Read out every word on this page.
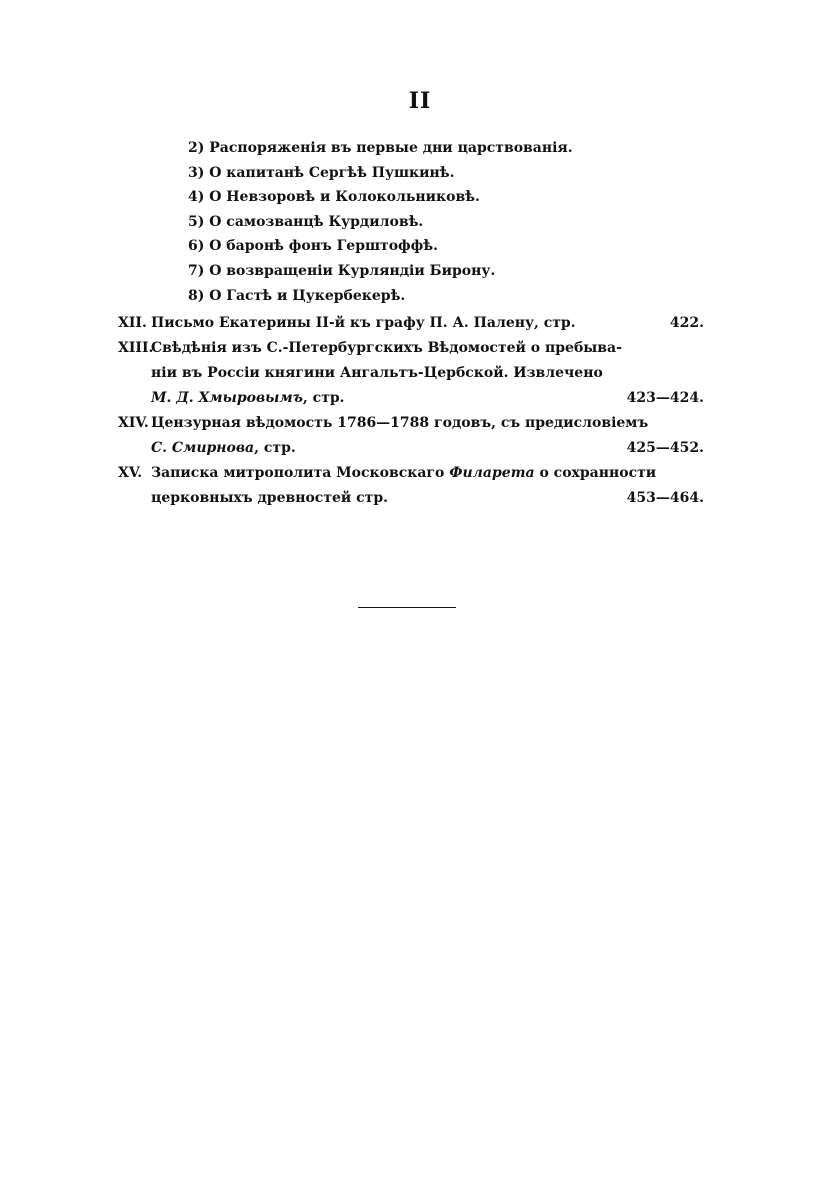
II
2) Распоряженія въ первые дни царствованія.
3) О капитанѣ Сергѣѣ Пушкинѣ.
4) О Невзоровѣ и Колокольниковѣ.
5) О самозванцѣ Курдиловѣ.
6) О баронѣ фонъ Герштоффѣ.
7) О возвращеніи Курляндіи Бирону.
8) О Гастѣ и Цукербекерѣ.
XII. Письмо Екатерины II-й къ графу П. А. Палену, стр.	422.
XIII.Свѣдѣнія изъ С.-Петербургскихъ Вѣдомостей о пребыва-
ніи въ Россіи княгини Ангальтъ-Цербской. Извлечено
М. Д. Хмыровымъ, стр.	423—424.
XIV. Цензурная вѣдомость 1786—1788 годовъ, съ предисловіемъ
С. Смирнова, стр.	425—452.
XV. Записка митрополита Московскаго Филарета о сохранности
церковныхъ древностей стр.	453—464.
